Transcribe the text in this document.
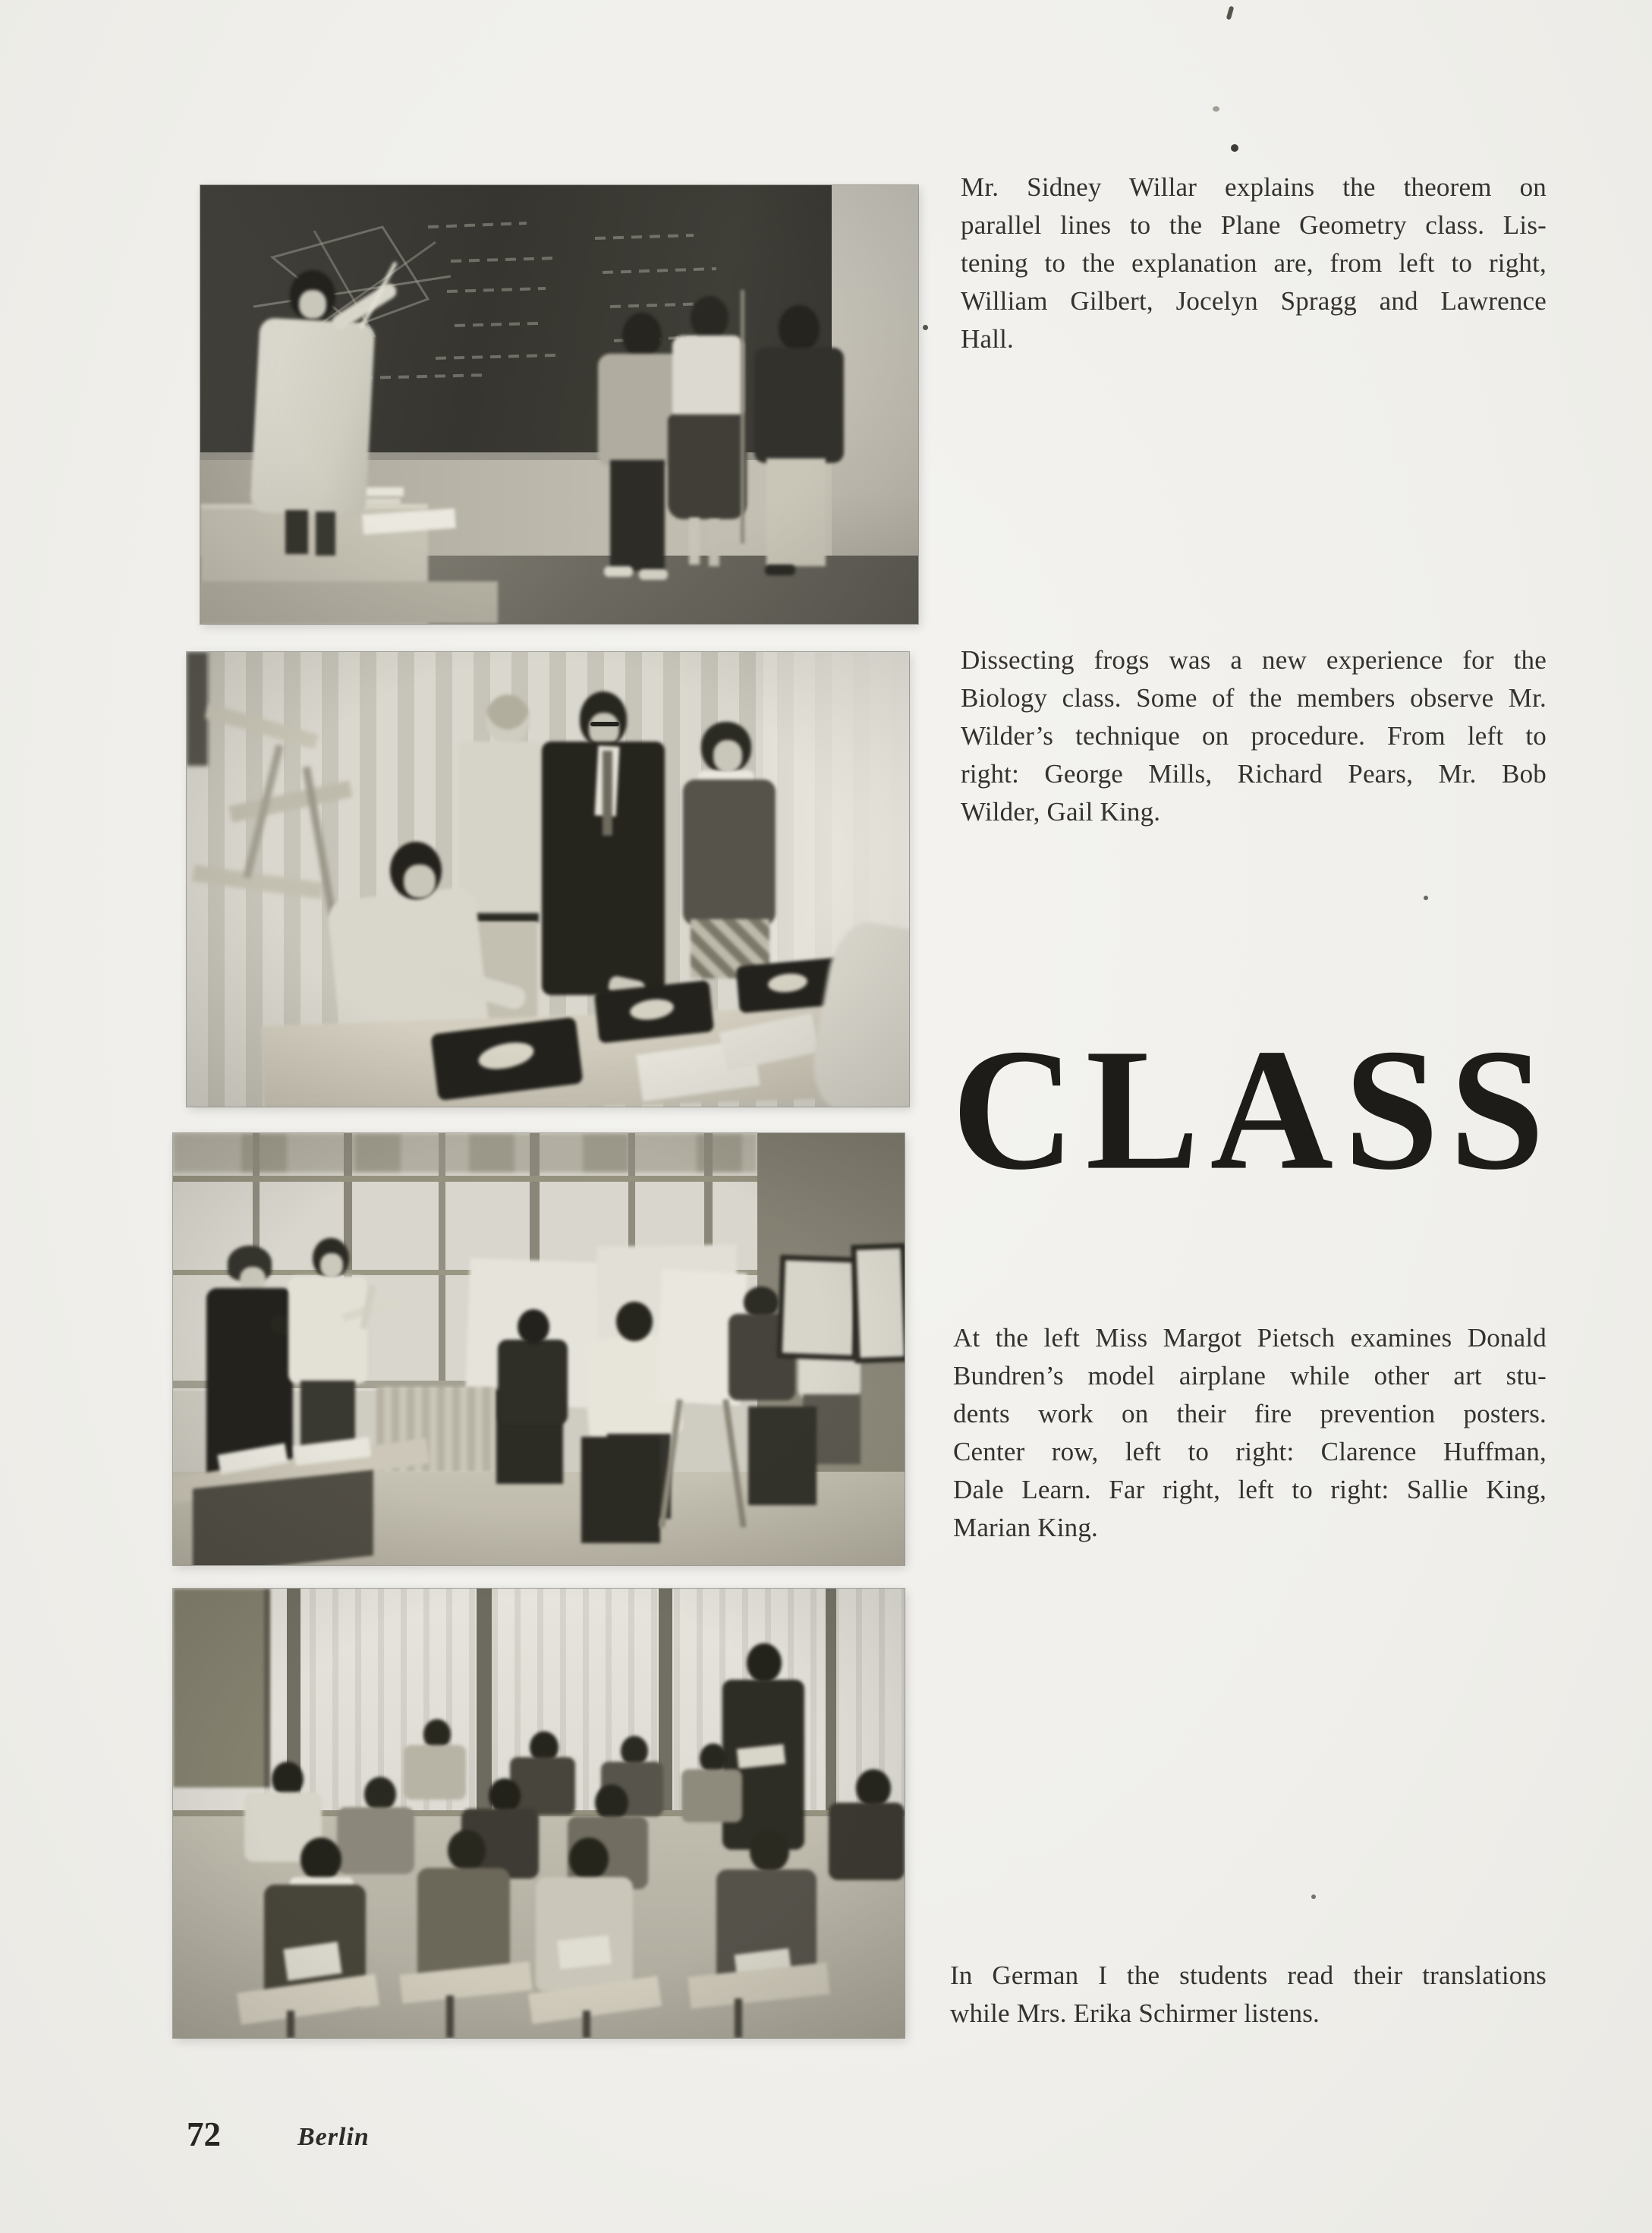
Mr. Sidney Willar explains the theorem on
parallel lines to the Plane Geometry class. Lis-
tening to the explanation are, from left to right,
William Gilbert, Jocelyn Spragg and Lawrence
Hall.
Dissecting frogs was a new experience for the
Biology class. Some of the members observe Mr.
Wilder’s technique on procedure. From left to
right: George Mills, Richard Pears, Mr. Bob
Wilder, Gail King.
CLASS
At the left Miss Margot Pietsch examines Donald
Bundren’s model airplane while other art stu-
dents work on their fire prevention posters.
Center row, left to right: Clarence Huffman,
Dale Learn. Far right, left to right: Sallie King,
Marian King.
In German I the students read their translations
while Mrs. Erika Schirmer listens.
72	Berlin
